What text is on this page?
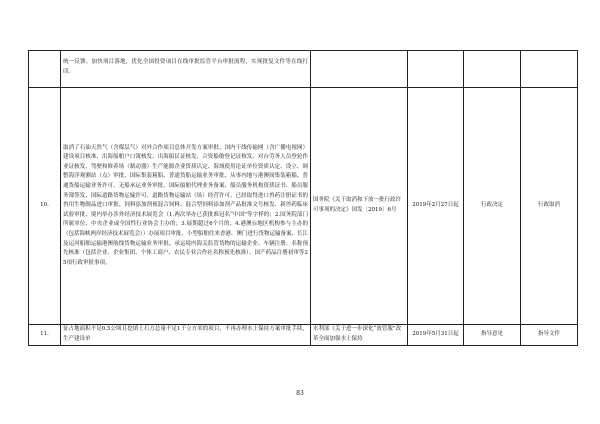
	统一反馈。加快项目落地，优化全国投资项目在线审批监管平台审批流程，实现批复文件等在线打印。				

10.	取消了石油天然气（含煤层气）对外合作项目总体开发方案审批、国内干线传输网（含广播电视网）建设项目核准、出海船舶户口簿核发、出海船民证核发、合资船舶登记证核发、对台劳务人员登轮作业证核发、驾驶和修养场（制动器）生产能源企业资质认定、海域使用论证单位资质认定、设立、调整海洋观测站（点）审批、国际集装箱船、普通货船运输业务审批、从事内地与港澳间集装箱船、普通货船运输业务许可、无船承运业务审批、国际船舶代理业务备案、船员服务机构资质证书、船员服务簿签发、国际道路货物运输许可、道路货物运输站（场）经营许可、已经取得进口兽药注册证书的兽用生物制品进口审批、饲料添加剂预混合饲料、混合型饲料添加剂产品批准文号核发、新兽药临床试验审批、境内举办涉外经济技术展览会（1.两次举办已获批准冠名“中国”等字样的；2.国务院部门所属单位、中央企业或全国性行业协会主办的；3.展期超过6个月的；4.港澳台地区机构参与主办的（包括海峡两岸经济技术展览会））办展项目审批、小型船舶往来香港、澳门进行货物运输备案、长江及运河船舶运输港澳航线货物运输业务审批、承运境内海关监管货物的运输企业、车辆注册、名称预先核准（包括企业、企业集团、个体工商户、农民专业合作社名称预先核准）、国产药品注册初审等25项行政审批事项。	国务院《关于取消和下放一批行政许可事项的决定》国发〔2019〕6号	2019年2月27日起	行政决定	行政取消
11.	征占地面积不足0.5公顷且挖填土石方总量不足1千立方米的项目，不再办理水土保持方案审批手续，生产建设单	水利部《关于进一步深化“放管服”改革全面加强水土保持	2019年5月31日起	指导意见	指导文件
83
